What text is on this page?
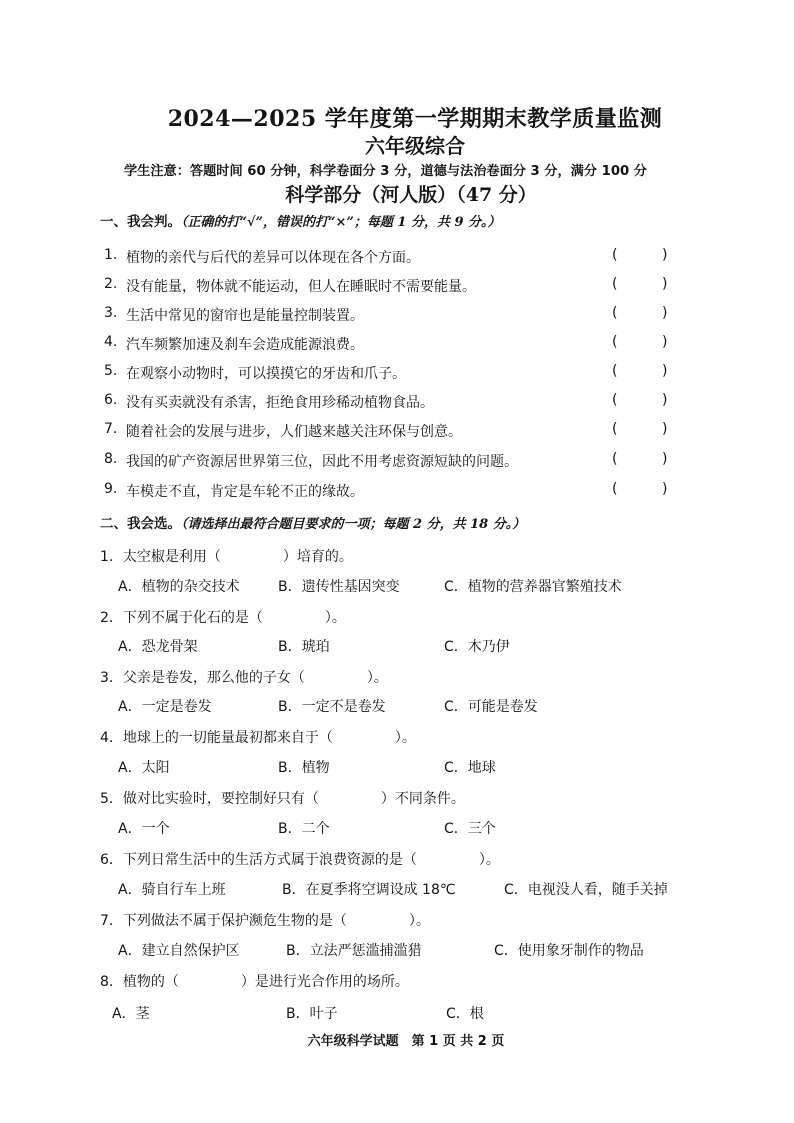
2024—2025 学年度第一学期期末教学质量监测
六年级综合
学生注意：答题时间 60 分钟，科学卷面分 3 分，道德与法治卷面分 3 分，满分 100 分
科学部分（河人版）（47 分）
一、我会判。（正确的打“√”，错误的打“×”；每题 1 分，共 9 分。）
1. 植物的亲代与后代的差异可以体现在各个方面。	(	)
2. 没有能量，物体就不能运动，但人在睡眠时不需要能量。	(	)
3. 生活中常见的窗帘也是能量控制装置。	(	)
4. 汽车频繁加速及刹车会造成能源浪费。	(	)
5. 在观察小动物时，可以摸摸它的牙齿和爪子。	(	)
6. 没有买卖就没有杀害，拒绝食用珍稀动植物食品。	(	)
7. 随着社会的发展与进步，人们越来越关注环保与创意。	(	)
8. 我国的矿产资源居世界第三位，因此不用考虑资源短缺的问题。	(	)
9. 车模走不直，肯定是车轮不正的缘故。	(	)
二、我会选。（请选择出最符合题目要求的一项；每题 2 分，共 18 分。）
1．太空椒是利用（	）培育的。
A．植物的杂交技术	B．遗传性基因突变	C．植物的营养器官繁殖技术
2．下列不属于化石的是（	）。
A．恐龙骨架	B．琥珀	C．木乃伊
3．父亲是卷发，那么他的子女（	）。
A．一定是卷发	B．一定不是卷发	C．可能是卷发
4．地球上的一切能量最初都来自于（	）。
A．太阳	B．植物	C．地球
5．做对比实验时，要控制好只有（	）不同条件。
A．一个	B．二个	C．三个
6．下列日常生活中的生活方式属于浪费资源的是（	）。
A．骑自行车上班	B．在夏季将空调设成 18℃	C．电视没人看，随手关掉
7．下列做法不属于保护濒危生物的是（	）。
A．建立自然保护区	B．立法严惩滥捕滥猎	C．使用象牙制作的物品
8．植物的（	）是进行光合作用的场所。
A．茎	B．叶子	C．根
六年级科学试题　第 1 页 共 2 页
